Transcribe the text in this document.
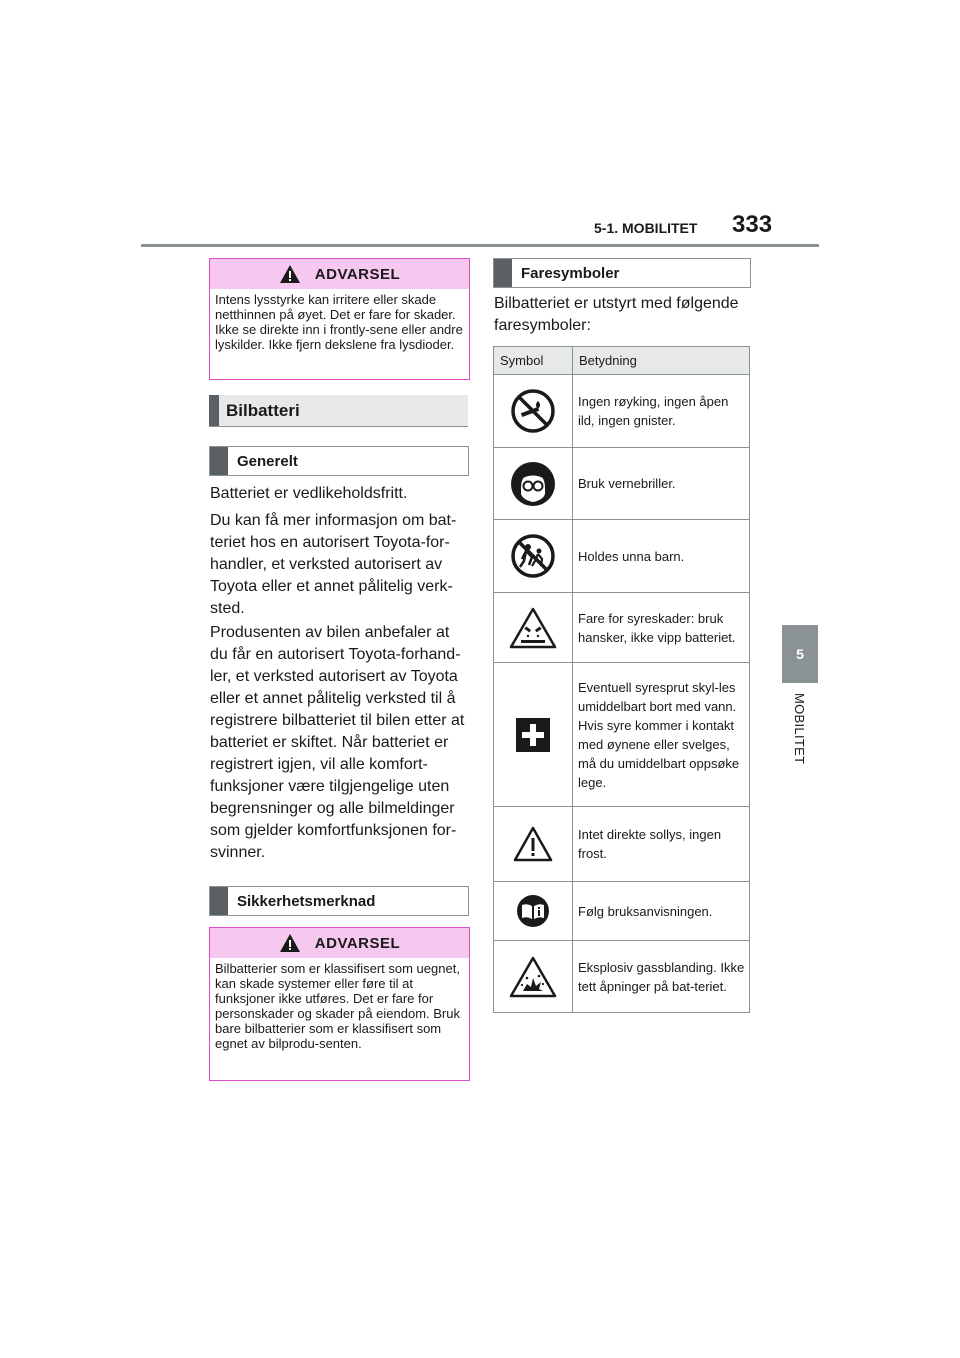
5-1. MOBILITET 333
5
MOBILITET
ADVARSEL
Intens lysstyrke kan irritere eller skade netthinnen på øyet. Det er fare for skader. Ikke se direkte inn i frontly-sene eller andre lyskilder. Ikke fjern dekslene fra lysdioder.
Bilbatteri
Generelt
Batteriet er vedlikeholdsfritt.
Du kan få mer informasjon om bat-teriet hos en autorisert Toyota-for-handler, et verksted autorisert av Toyota eller et annet pålitelig verk-sted.
Produsenten av bilen anbefaler at du får en autorisert Toyota-forhand-ler, et verksted autorisert av Toyota eller et annet pålitelig verksted til å registrere bilbatteriet til bilen etter at batteriet er skiftet. Når batteriet er registrert igjen, vil alle komfort-funksjoner være tilgjengelige uten begrensninger og alle bilmeldinger som gjelder komfortfunksjonen for-svinner.
Sikkerhetsmerknad
ADVARSEL
Bilbatterier som er klassifisert som uegnet, kan skade systemer eller føre til at funksjoner ikke utføres. Det er fare for personskader og skader på eiendom. Bruk bare bilbatterier som er klassifisert som egnet av bilprodu-senten.
Faresymboler
Bilbatteriet er utstyrt med følgende faresymboler:
Symbol	Betydning

	Ingen røyking, ingen åpen ild, ingen gnister.

	Bruk vernebriller.

	Holdes unna barn.

	Fare for syreskader: bruk hansker, ikke vipp batteriet.

	Eventuell syresprut skyl-les umiddelbart bort med vann. Hvis syre kommer i kontakt med øynene eller svelges, må du umiddelbart oppsøke lege.

	Intet direkte sollys, ingen frost.

	Følg bruksanvisningen.

	Eksplosiv gassblanding. Ikke tett åpninger på bat-teriet.
